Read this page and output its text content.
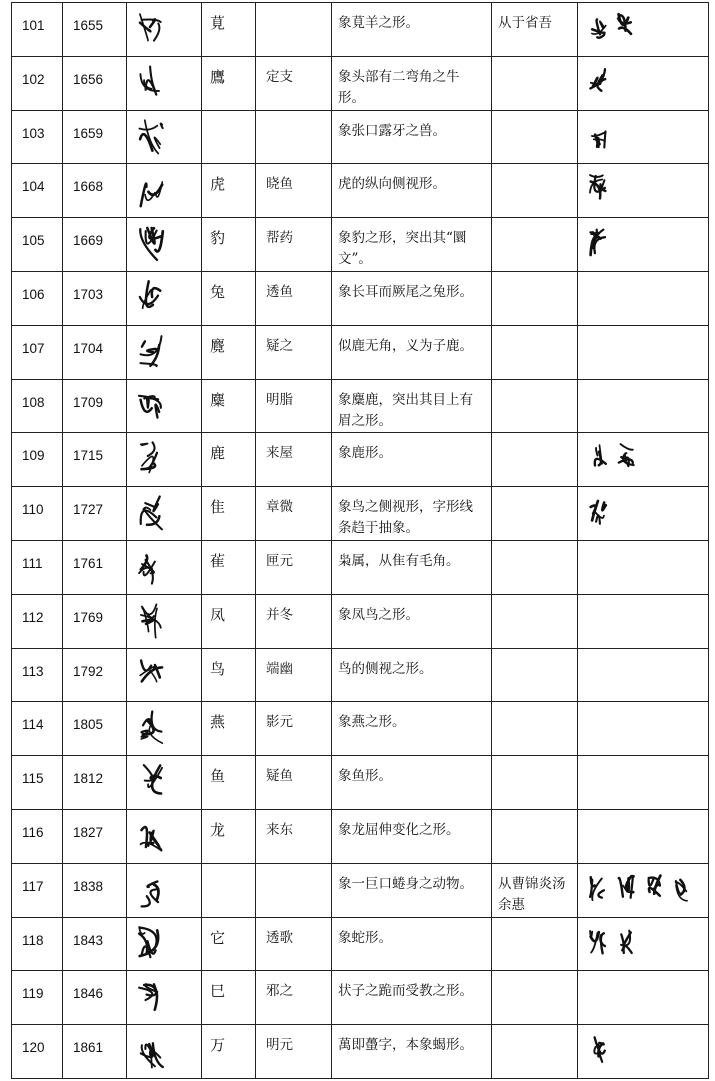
101	1655		莧		象莧羊之形。	从于省吾	
102	1656		鷹	定支	象头部有二弯角之牛形。		
103	1659				象张口露牙之兽。		
104	1668		虎	晓鱼	虎的纵向侧视形。		
105	1669		豹	帮药	象豹之形，突出其“圜文”。		
106	1703		兔	透鱼	象长耳而厥尾之兔形。		
107	1704		麑	疑之	似鹿无角，义为子鹿。		
108	1709		麋	明脂	象麋鹿，突出其目上有眉之形。		
109	1715		鹿	来屋	象鹿形。		
110	1727		隹	章微	象鸟之侧视形，字形线条趋于抽象。		
111	1761		雈	匣元	枭属，从隹有毛角。		
112	1769		凤	并冬	象凤鸟之形。		
113	1792		鸟	端幽	鸟的侧视之形。		
114	1805		燕	影元	象燕之形。		
115	1812		鱼	疑鱼	象鱼形。		
116	1827		龙	来东	象龙屈伸变化之形。		
117	1838				象一巨口蜷身之动物。	从曹锦炎汤余惠	
118	1843		它	透歌	象蛇形。		
119	1846		巳	邪之	状子之跪而受教之形。		
120	1861		万	明元	萬即蠆字，本象蝎形。		
